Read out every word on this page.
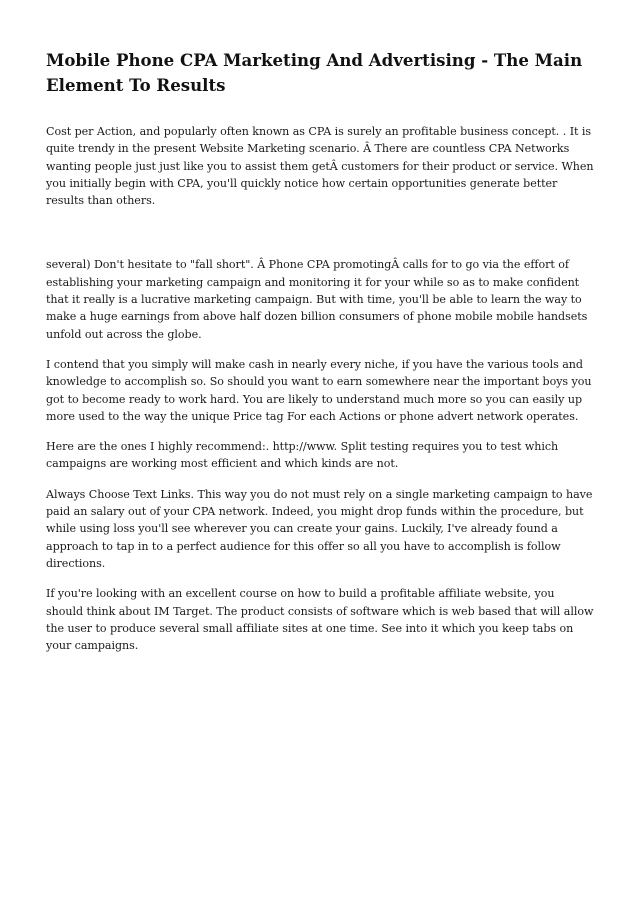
Mobile Phone CPA Marketing And Advertising - The Main Element To Results

Cost per Action, and popularly often known as CPA is surely an profitable business concept. . It is quite trendy in the present Website Marketing scenario. Â There are countless CPA Networks wanting people just just like you to assist them getÂ customers for their product or service. When you initially begin with CPA, you'll quickly notice how certain opportunities generate better results than others.

several) Don't hesitate to "fall short". Â Phone CPA promotingÂ calls for to go via the effort of establishing your marketing campaign and monitoring it for your while so as to make confident that it really is a lucrative marketing campaign. But with time, you'll be able to learn the way to make a huge earnings from above half dozen billion consumers of phone mobile mobile handsets unfold out across the globe.

I contend that you simply will make cash in nearly every niche, if you have the various tools and knowledge to accomplish so. So should you want to earn somewhere near the important boys you got to become ready to work hard. You are likely to understand much more so you can easily up more used to the way the unique Price tag For each Actions or phone advert network operates.

Here are the ones I highly recommend:. http://www. Split testing requires you to test which campaigns are working most efficient and which kinds are not.

Always Choose Text Links. This way you do not must rely on a single marketing campaign to have paid an salary out of your CPA network. Indeed, you might drop funds within the procedure, but while using loss you'll see wherever you can create your gains. Luckily, I've already found a approach to tap in to a perfect audience for this offer so all you have to accomplish is follow directions.

If you're looking with an excellent course on how to build a profitable affiliate website, you should think about IM Target. The product consists of software which is web based that will allow the user to produce several small affiliate sites at one time. See into it which you keep tabs on your campaigns.
